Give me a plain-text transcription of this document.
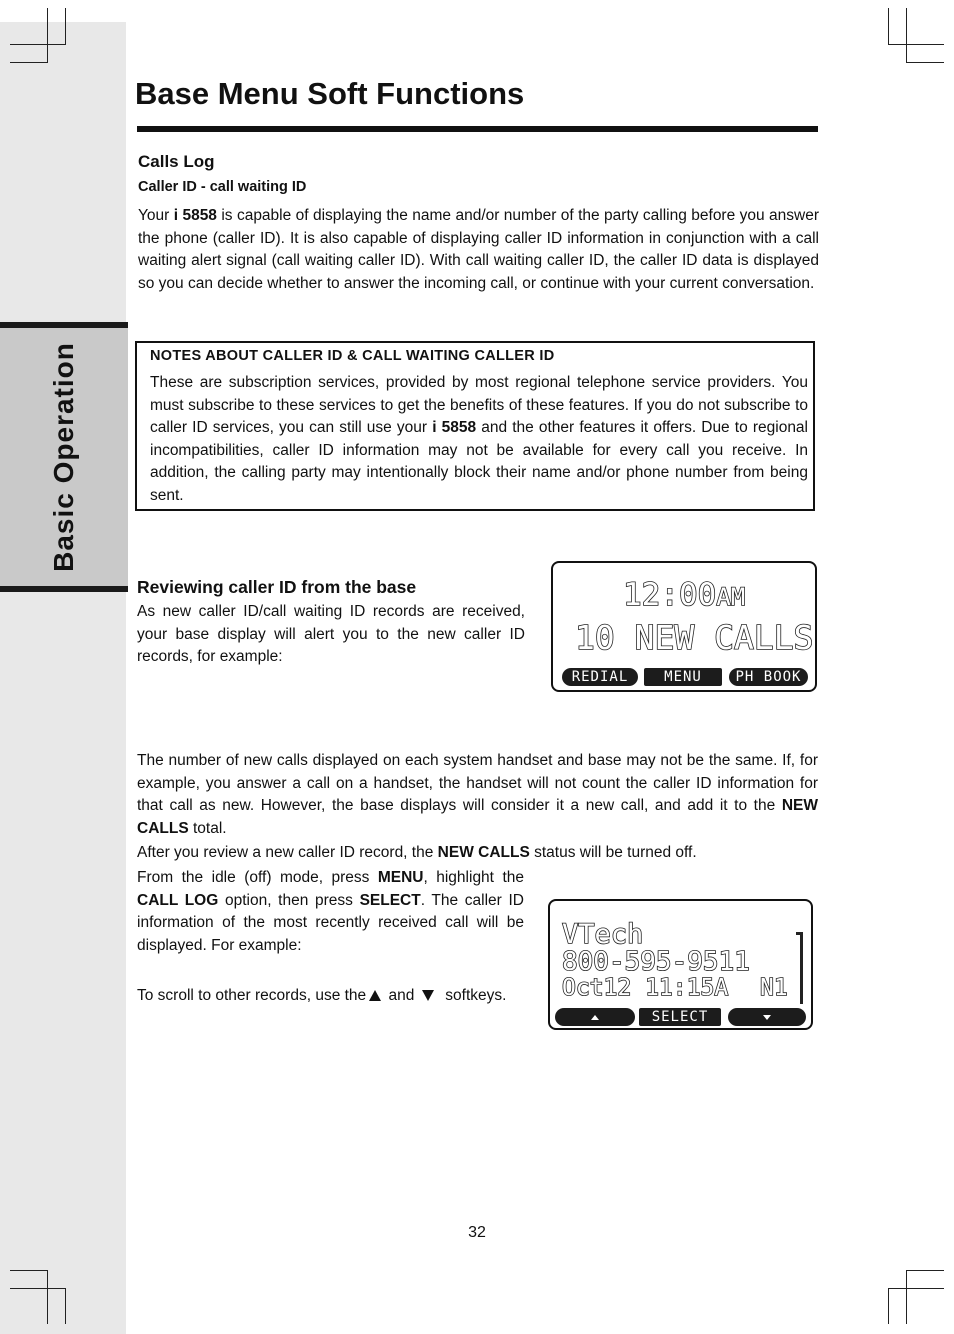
Basic Operation
Base Menu Soft Functions
Calls Log
Caller ID - call waiting ID

Your i 5858 is capable of displaying the name and/or number of the party calling before you answer the phone (caller ID). It is also capable of displaying caller ID information in conjunction with a call waiting alert signal (call waiting caller ID). With call waiting caller ID, the caller ID data is displayed so you can decide whether to answer the incoming call, or continue with your current conversation.

NOTES ABOUT CALLER ID & CALL WAITING CALLER ID

These are subscription services, provided by most regional telephone service providers. You must subscribe to these services to get the benefits of these features. If you do not subscribe to caller ID services, you can still use your i 5858 and the other features it offers. Due to regional incompatibilities, caller ID information may not be available for every call you receive. In addition, the calling party may intentionally block their name and/or phone number from being sent.

Reviewing caller ID from the base

As new caller ID/call waiting ID records are received, your base display will alert you to the new caller ID records, for example:

12:00AM
10 NEW CALLS
REDIAL	MENU	PH BOOK

The number of new calls displayed on each system handset and base may not be the same. If, for example, you answer a call on a handset, the handset will not count the caller ID information for that call as new. However, the base displays will consider it a new call, and add it to the NEW CALLS total.

After you review a new caller ID record, the NEW CALLS status will be turned off.

From the idle (off) mode, press MENU, highlight the CALL LOG option, then press SELECT. The caller ID information of the most recently received call will be displayed. For example:

To scroll to other records, use the and softkeys.

VTech
800-595-9511
Oct12 11:15A N1
SELECT
32
